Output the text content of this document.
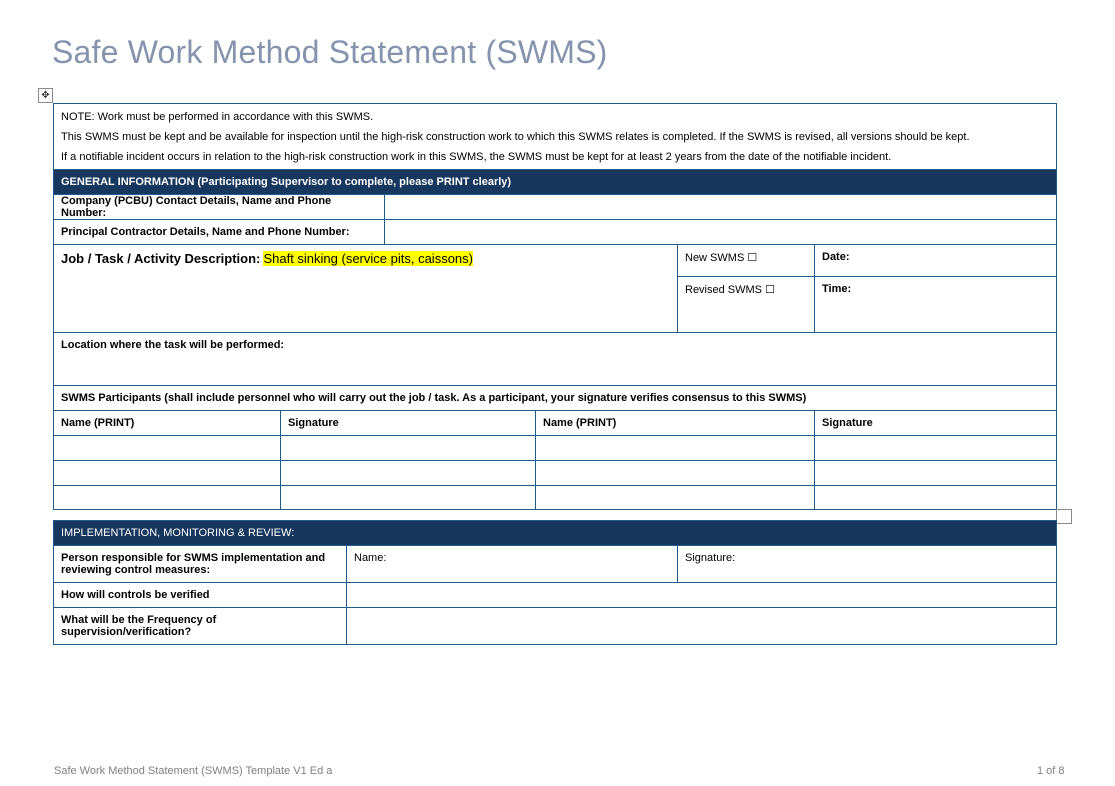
Safe Work Method Statement (SWMS)
✥
NOTE: Work must be performed in accordance with this SWMS.
This SWMS must be kept and be available for inspection until the high-risk construction work to which this SWMS relates is completed. If the SWMS is revised, all versions should be kept.
If a notifiable incident occurs in relation to the high-risk construction work in this SWMS, the SWMS must be kept for at least 2 years from the date of the notifiable incident.					

GENERAL INFORMATION (Participating Supervisor to complete, please PRINT clearly)					
Company (PCBU) Contact Details, Name and Phone Number:					
Principal Contractor Details, Name and Phone Number:					
Job / Task / Activity Description: Shaft sinking (service pits, caissons)				New SWMS ☐	Date:
				Revised SWMS ☐	Time:
Location where the task will be performed:					
SWMS Participants (shall include personnel who will carry out the job / task. As a participant, your signature verifies consensus to this SWMS)					
Name (PRINT)	Signature		Name (PRINT)		Signature

IMPLEMENTATION, MONITORING & REVIEW:		
Person responsible for SWMS implementation and reviewing control measures:	Name:	Signature:
How will controls be verified		
What will be the Frequency of supervision/verification?		
Safe Work Method Statement (SWMS) Template V1 Ed a	1 of 8
